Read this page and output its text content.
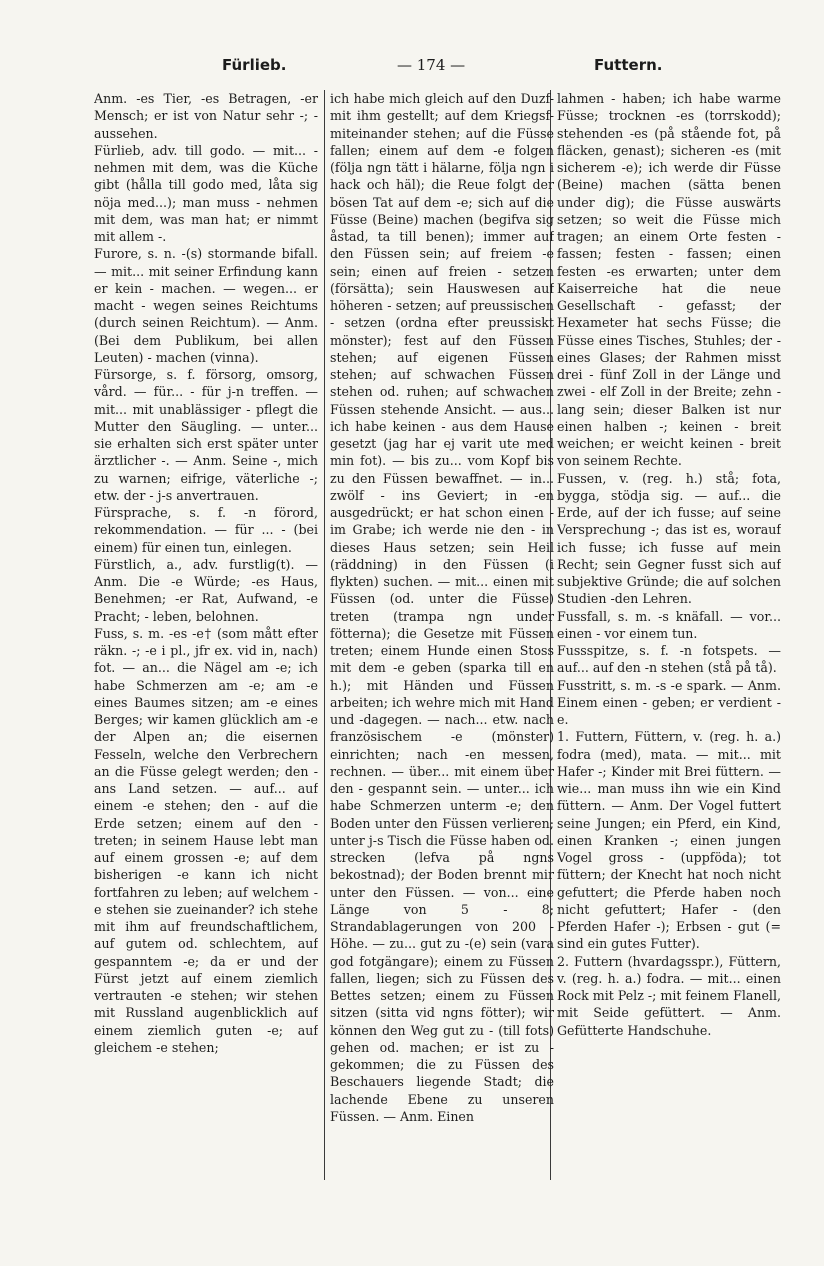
Fürlieb.	— 174 —	Futtern.

Anm. -es Tier, -es Betragen, -er Mensch; er ist von Natur sehr -; - aussehen.

Fürlieb, adv. till godo. — mit... - nehmen mit dem, was die Küche gibt (hålla till godo med, låta sig nöja med...); man muss - nehmen mit dem, was man hat; er nimmt mit allem -.

Furore, s. n. -(s) stormande bifall. — mit... mit seiner Erfindung kann er kein - machen. — wegen... er macht - wegen seines Reichtums (durch seinen Reichtum). — Anm. (Bei dem Publikum, bei allen Leuten) - machen (vinna).

Fürsorge, s. f. försorg, omsorg, vård. — für... - für j-n treffen. — mit... mit unablässiger - pflegt die Mutter den Säugling. — unter... sie erhalten sich erst später unter ärztlicher -. — Anm. Seine -, mich zu warnen; eifrige, väterliche -; etw. der - j-s anvertrauen.

Fürsprache, s. f. -n förord, rekommendation. — für ... - (bei einem) für einen tun, einlegen.

Fürstlich, a., adv. furstlig(t). — Anm. Die -e Würde; -es Haus, Benehmen; -er Rat, Aufwand, -e Pracht; - leben, belohnen.

Fuss, s. m. -es -e† (som mått efter räkn. -; -e i pl., jfr ex. vid in, nach) fot. — an... die Nägel am -e; ich habe Schmerzen am -e; am -e eines Baumes sitzen; am -e eines Berges; wir kamen glücklich am -e der Alpen an; die eisernen Fesseln, welche den Verbrechern an die Füsse gelegt werden; den - ans Land setzen. — auf... auf einem -e stehen; den - auf die Erde setzen; einem auf den - treten; in seinem Hause lebt man auf einem grossen -e; auf dem bisherigen -e kann ich nicht fortfahren zu leben; auf welchem -e stehen sie zueinander? ich stehe mit ihm auf freundschaftlichem, auf gutem od. schlechtem, auf gespanntem -e; da er und der Fürst jetzt auf einem ziemlich vertrauten -e stehen; wir stehen mit Russland augenblicklich auf einem ziemlich guten -e; auf gleichem -e stehen;

ich habe mich gleich auf den Duzf- mit ihm gestellt; auf dem Kriegsf- miteinander stehen; auf die Füsse fallen; einem auf dem -e folgen (följa ngn tätt i hälarne, följa ngn i hack och häl); die Reue folgt der bösen Tat auf dem -e; sich auf die Füsse (Beine) machen (begifva sig åstad, ta till benen); immer auf den Füssen sein; auf freiem -e sein; einen auf freien - setzen (försätta); sein Hauswesen auf höheren - setzen; auf preussischen - setzen (ordna efter preussiskt mönster); fest auf den Füssen stehen; auf eigenen Füssen stehen; auf schwachen Füssen stehen od. ruhen; auf schwachen Füssen stehende Ansicht. — aus... ich habe keinen - aus dem Hause gesetzt (jag har ej varit ute med min fot). — bis zu... vom Kopf bis zu den Füssen bewaffnet. — in... zwölf - ins Geviert; in -en ausgedrückt; er hat schon einen - im Grabe; ich werde nie den - in dieses Haus setzen; sein Heil (räddning) in den Füssen (i flykten) suchen. — mit... einen mit Füssen (od. unter die Füsse) treten (trampa ngn under fötterna); die Gesetze mit Füssen treten; einem Hunde einen Stoss mit dem -e geben (sparka till en h.); mit Händen und Füssen arbeiten; ich wehre mich mit Hand und -dagegen. — nach... etw. nach französischem -e (mönster) einrichten; nach -en messen, rechnen. — über... mit einem über den - gespannt sein. — unter... ich habe Schmerzen unterm -e; den Boden unter den Füssen verlieren; unter j-s Tisch die Füsse haben od. strecken (lefva på ngns bekostnad); der Boden brennt mir unter den Füssen. — von... eine Länge von 5 - 8; Strandablagerungen von 200 - Höhe. — zu... gut zu -(e) sein (vara god fotgängare); einem zu Füssen fallen, liegen; sich zu Füssen des Bettes setzen; einem zu Füssen sitzen (sitta vid ngns fötter); wir können den Weg gut zu - (till fots) gehen od. machen; er ist zu - gekommen; die zu Füssen des Beschauers liegende Stadt; die lachende Ebene zu unseren Füssen. — Anm. Einen

lahmen - haben; ich habe warme Füsse; trocknen -es (torrskodd); stehenden -es (på stående fot, på fläcken, genast); sicheren -es (mit sicherem -e); ich werde dir Füsse (Beine) machen (sätta benen under dig); die Füsse auswärts setzen; so weit die Füsse mich tragen; an einem Orte festen - fassen; festen - fassen; einen festen -es erwarten; unter dem Kaiserreiche hat die neue Gesellschaft - gefasst; der Hexameter hat sechs Füsse; die Füsse eines Tisches, Stuhles; der - eines Glases; der Rahmen misst drei - fünf Zoll in der Länge und zwei - elf Zoll in der Breite; zehn - lang sein; dieser Balken ist nur einen halben -; keinen - breit weichen; er weicht keinen - breit von seinem Rechte.

Fussen, v. (reg. h.) stå; fota, bygga, stödja sig. — auf... die Erde, auf der ich fusse; auf seine Versprechung -; das ist es, worauf ich fusse; ich fusse auf mein Recht; sein Gegner fusst sich auf subjektive Gründe; die auf solchen Studien -den Lehren.

Fussfall, s. m. -s knäfall. — vor... einen - vor einem tun.

Fussspitze, s. f. -n fotspets. — auf... auf den -n stehen (stå på tå).

Fusstritt, s. m. -s -e spark. — Anm. Einem einen - geben; er verdient -e.

1. Futtern, Füttern, v. (reg. h. a.) fodra (med), mata. — mit... mit Hafer -; Kinder mit Brei füttern. — wie... man muss ihn wie ein Kind füttern. — Anm. Der Vogel futtert seine Jungen; ein Pferd, ein Kind, einen Kranken -; einen jungen Vogel gross - (uppföda); tot füttern; der Knecht hat noch nicht gefuttert; die Pferde haben noch nicht gefuttert; Hafer - (den Pferden Hafer -); Erbsen - gut (= sind ein gutes Futter).

2. Futtern (hvardagsspr.), Füttern, v. (reg. h. a.) fodra. — mit... einen Rock mit Pelz -; mit feinem Flanell, mit Seide gefüttert. — Anm. Gefütterte Handschuhe.
